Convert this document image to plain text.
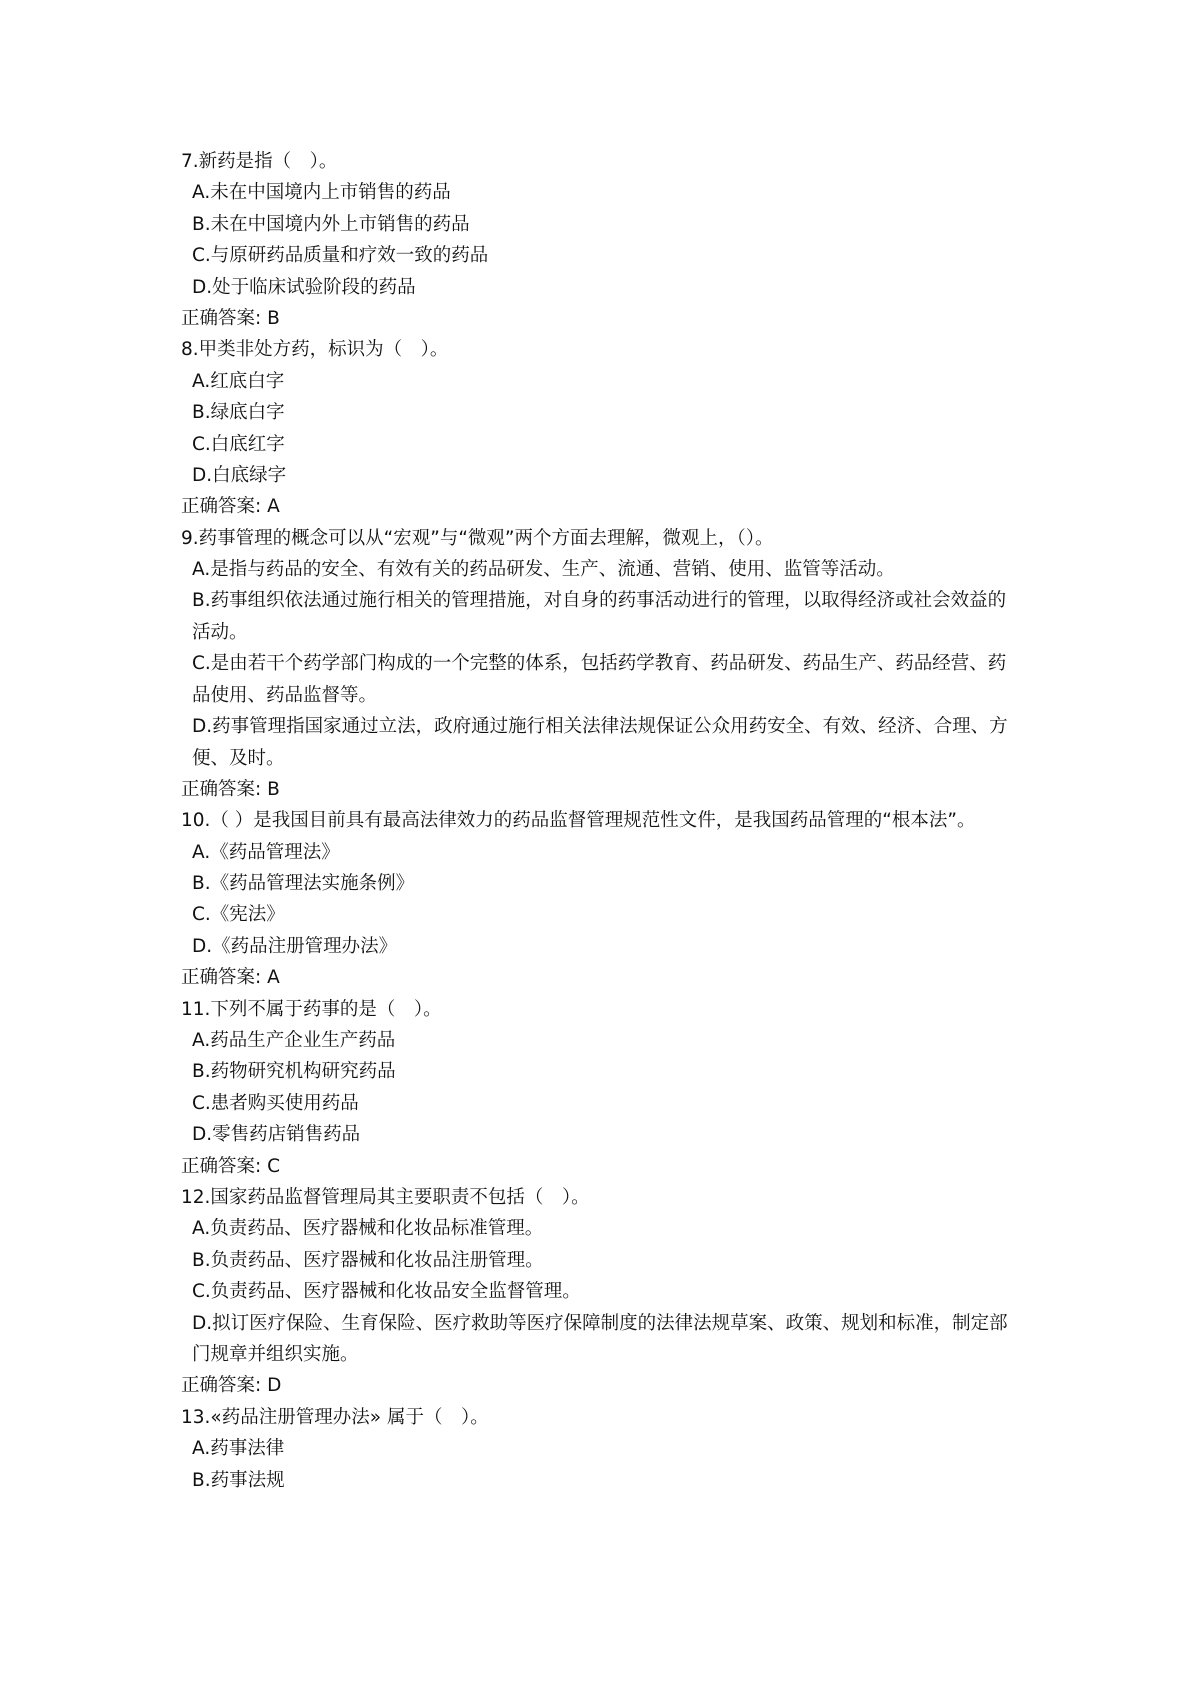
7.新药是指（　）。
A.未在中国境内上市销售的药品
B.未在中国境内外上市销售的药品
C.与原研药品质量和疗效一致的药品
D.处于临床试验阶段的药品
正确答案: B
8.甲类非处方药，标识为（　）。
A.红底白字
B.绿底白字
C.白底红字
D.白底绿字
正确答案: A
9.药事管理的概念可以从“宏观”与“微观”两个方面去理解，微观上，（）。
A.是指与药品的安全、有效有关的药品研发、生产、流通、营销、使用、监管等活动。
B.药事组织依法通过施行相关的管理措施，对自身的药事活动进行的管理，以取得经济或社会效益的活动。
C.是由若干个药学部门构成的一个完整的体系，包括药学教育、药品研发、药品生产、药品经营、药品使用、药品监督等。
D.药事管理指国家通过立法，政府通过施行相关法律法规保证公众用药安全、有效、经济、合理、方便、及时。
正确答案: B
10.（ ）是我国目前具有最高法律效力的药品监督管理规范性文件，是我国药品管理的“根本法”。
A.《药品管理法》
B.《药品管理法实施条例》
C.《宪法》
D.《药品注册管理办法》
正确答案: A
11.下列不属于药事的是（　）。
A.药品生产企业生产药品
B.药物研究机构研究药品
C.患者购买使用药品
D.零售药店销售药品
正确答案: C
12.国家药品监督管理局其主要职责不包括（　）。
A.负责药品、医疗器械和化妆品标准管理。
B.负责药品、医疗器械和化妆品注册管理。
C.负责药品、医疗器械和化妆品安全监督管理。
D.拟订医疗保险、生育保险、医疗救助等医疗保障制度的法律法规草案、政策、规划和标准，制定部门规章并组织实施。
正确答案: D
13.«药品注册管理办法» 属于（　）。
A.药事法律
B.药事法规
